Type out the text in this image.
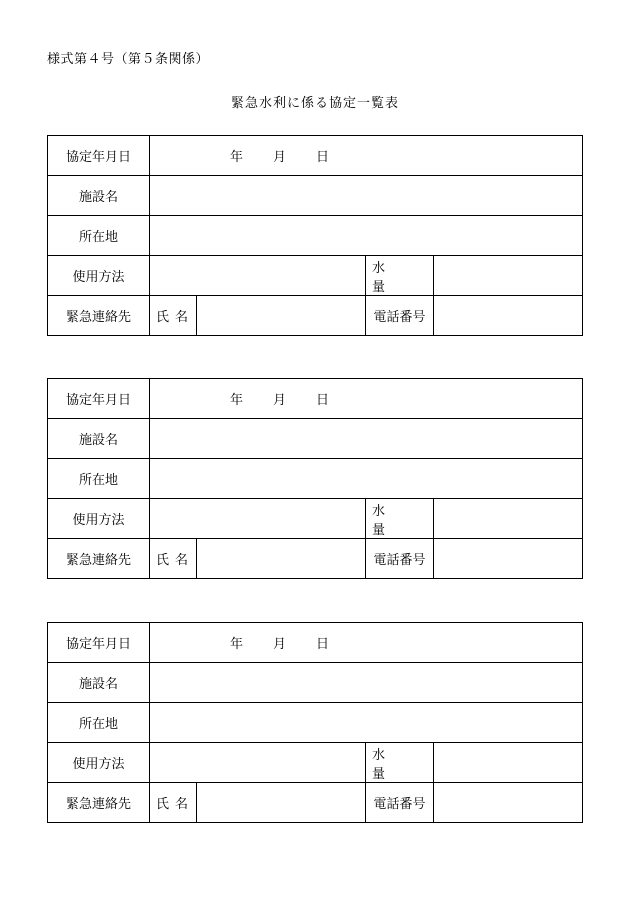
様式第４号（第５条関係）
緊急水利に係る協定一覧表
協定年月日	年 月 日			
施設名				
所在地				
使用方法			水量	
緊急連絡先	氏名		電話番号	
協定年月日	年 月 日			
施設名				
所在地				
使用方法			水量	
緊急連絡先	氏名		電話番号	
協定年月日	年 月 日			
施設名				
所在地				
使用方法			水量	
緊急連絡先	氏名		電話番号	
